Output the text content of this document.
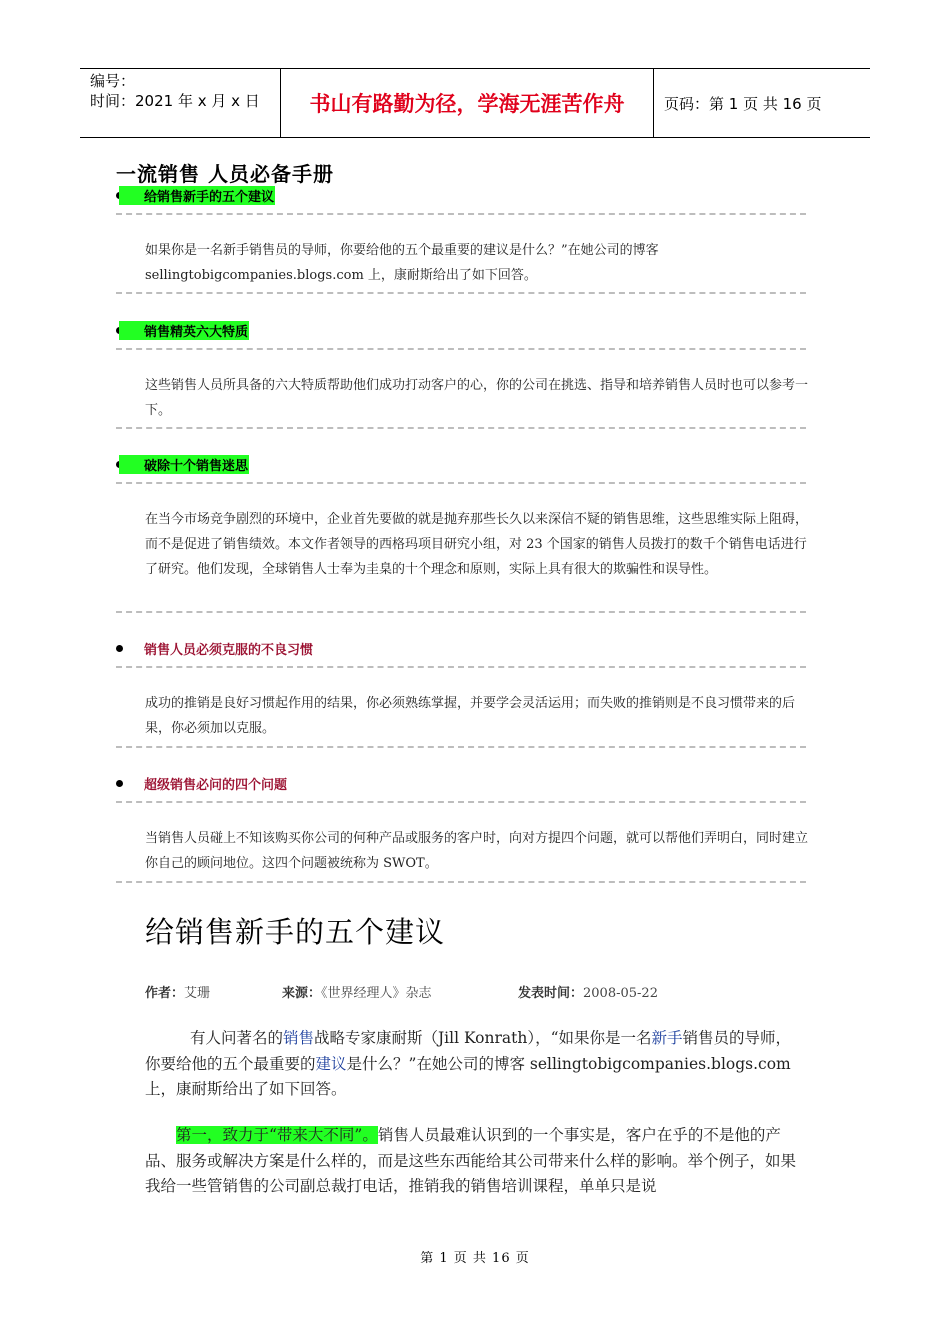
编号：
时间：2021 年 x 月 x 日	书山有路勤为径，学海无涯苦作舟	页码：第 1 页 共 16 页
一流销售 人员必备手册
给销售新手的五个建议
如果你是一名新手销售员的导师，你要给他的五个最重要的建议是什么？”在她公司的博客 sellingtobigcompanies.blogs.com 上，康耐斯给出了如下回答。
销售精英六大特质
这些销售人员所具备的六大特质帮助他们成功打动客户的心，你的公司在挑选、指导和培养销售人员时也可以参考一下。
破除十个销售迷思
在当今市场竞争剧烈的环境中，企业首先要做的就是抛弃那些长久以来深信不疑的销售思维，这些思维实际上阻碍，而不是促进了销售绩效。本文作者领导的西格玛项目研究小组，对 23 个国家的销售人员拨打的数千个销售电话进行了研究。他们发现，全球销售人士奉为圭臬的十个理念和原则，实际上具有很大的欺骗性和误导性。
销售人员必须克服的不良习惯
成功的推销是良好习惯起作用的结果，你必须熟练掌握，并要学会灵活运用；而失败的推销则是不良习惯带来的后果，你必须加以克服。
超级销售必问的四个问题
当销售人员碰上不知该购买你公司的何种产品或服务的客户时，向对方提四个问题，就可以帮他们弄明白，同时建立你自己的顾问地位。这四个问题被统称为 SWOT。
给销售新手的五个建议
作者：艾珊	来源：《世界经理人》杂志	发表时间：2008-05-22
有人问著名的销售战略专家康耐斯（Jill Konrath），“如果你是一名新手销售员的导师，你要给他的五个最重要的建议是什么？”在她公司的博客 sellingtobigcompanies.blogs.com 上，康耐斯给出了如下回答。
第一，致力于“带来大不同”。销售人员最难认识到的一个事实是，客户在乎的不是他的产品、服务或解决方案是什么样的，而是这些东西能给其公司带来什么样的影响。举个例子，如果我给一些管销售的公司副总裁打电话，推销我的销售培训课程，单单只是说
第 1 页 共 16 页
